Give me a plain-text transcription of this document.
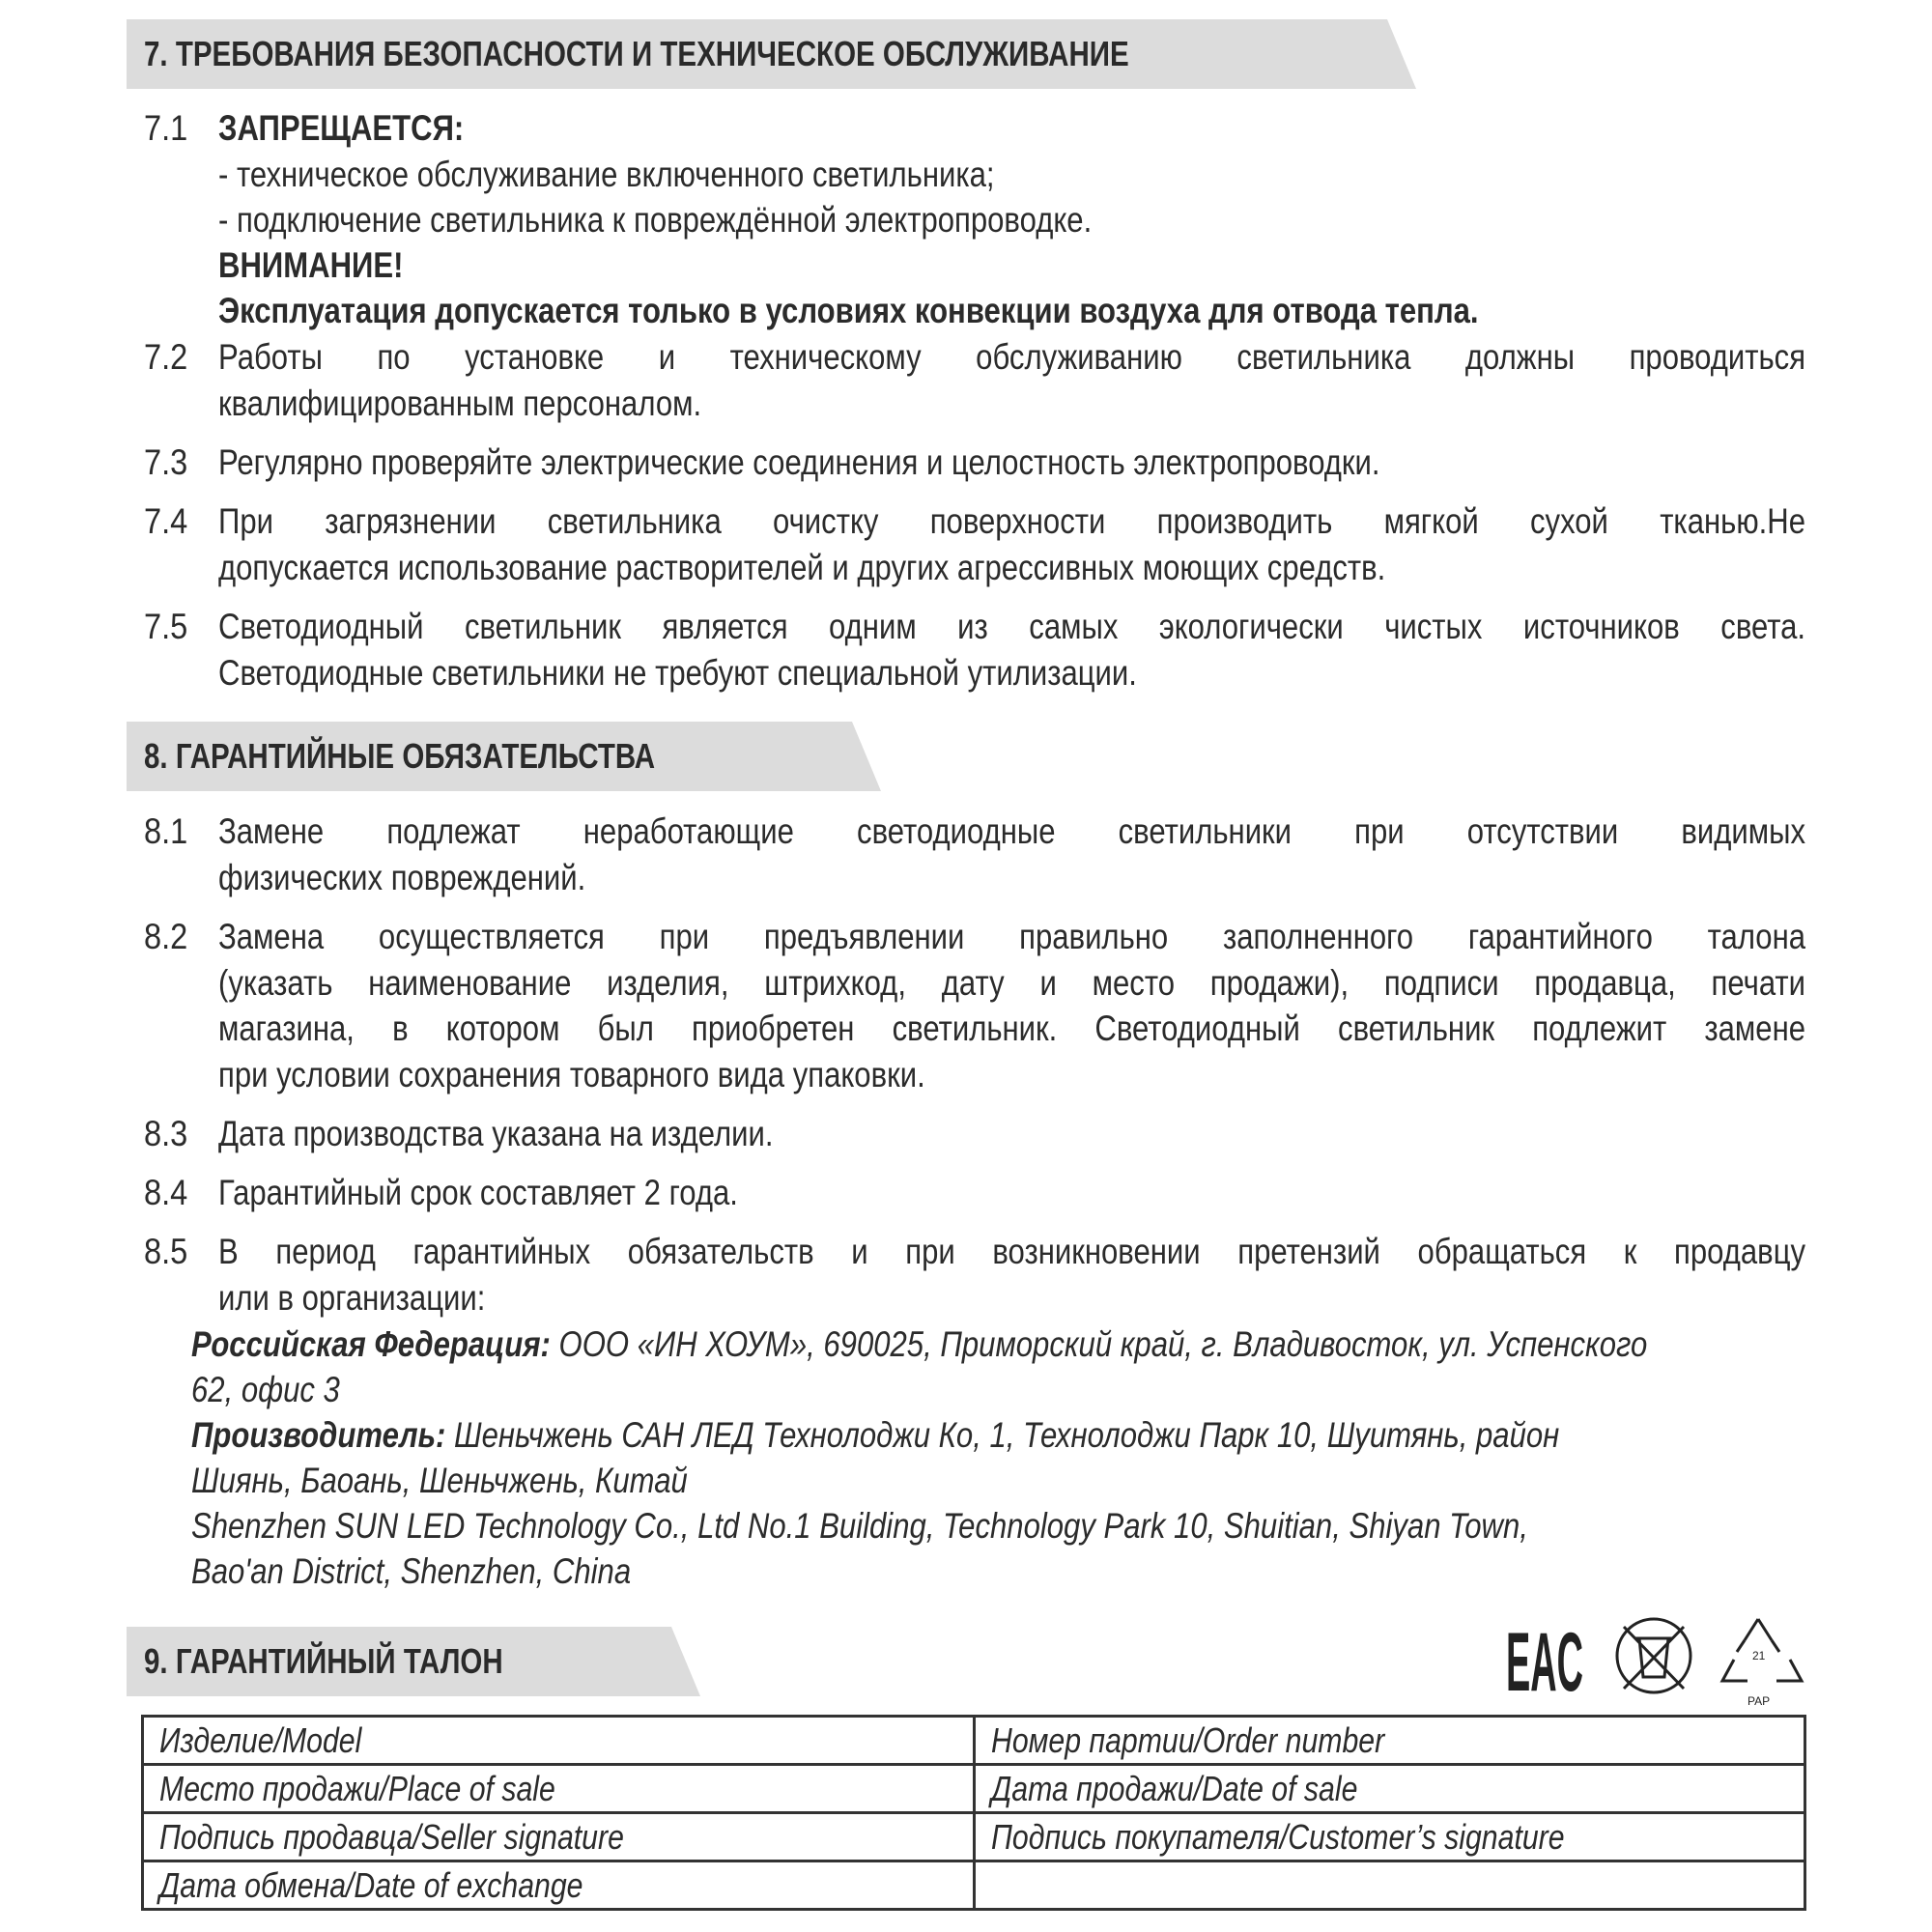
7. ТРЕБОВАНИЯ БЕЗОПАСНОСТИ И ТЕХНИЧЕСКОЕ ОБСЛУЖИВАНИЕ
7.1 ЗАПРЕЩАЕТСЯ:
- техническое обслуживание включенного светильника;
- подключение светильника к повреждённой электропроводке.
ВНИМАНИЕ!
Эксплуатация допускается только в условиях конвекции воздуха для отвода тепла.
7.2 Работы по установке и техническому обслуживанию светильника должны проводиться
квалифицированным персоналом.
7.3 Регулярно проверяйте электрические соединения и целостность электропроводки.
7.4 При загрязнении светильника очистку поверхности производить мягкой сухой тканью.Не
допускается использование растворителей и других агрессивных моющих средств.
7.5 Светодиодный светильник является одним из самых экологически чистых источников света.
Светодиодные светильники не требуют специальной утилизации.
8. ГАРАНТИЙНЫЕ ОБЯЗАТЕЛЬСТВА
8.1 Замене подлежат неработающие светодиодные светильники при отсутствии видимых
физических повреждений.
8.2 Замена осуществляется при предъявлении правильно заполненного гарантийного талона
(указать наименование изделия, штрихкод, дату и место продажи), подписи продавца, печати
магазина, в котором был приобретен светильник. Светодиодный светильник подлежит замене
при условии сохранения товарного вида упаковки.
8.3 Дата производства указана на изделии.
8.4 Гарантийный срок составляет 2 года.
8.5 В период гарантийных обязательств и при возникновении претензий обращаться к продавцу
или в организации:
Российская Федерация: ООО «ИН ХОУМ», 690025, Приморский край, г. Владивосток, ул. Успенского
62, офис 3
Производитель: Шеньчжень САН ЛЕД Технолоджи Ко, 1, Технолоджи Парк 10, Шуитянь, район
Шиянь, Баоань, Шеньчжень, Китай
Shenzhen SUN LED Technology Co., Ltd No.1 Building, Technology Park 10, Shuitian, Shiyan Town,
Bao'an District, Shenzhen, China
9. ГАРАНТИЙНЫЙ ТАЛОН	EAC	21
PAP
Изделие/Model	Номер партии/Order number
Место продажи/Place of sale	Дата продажи/Date of sale
Подпись продавца/Seller signature	Подпись покупателя/Customer’s signature
Дата обмена/Date of exchange	
